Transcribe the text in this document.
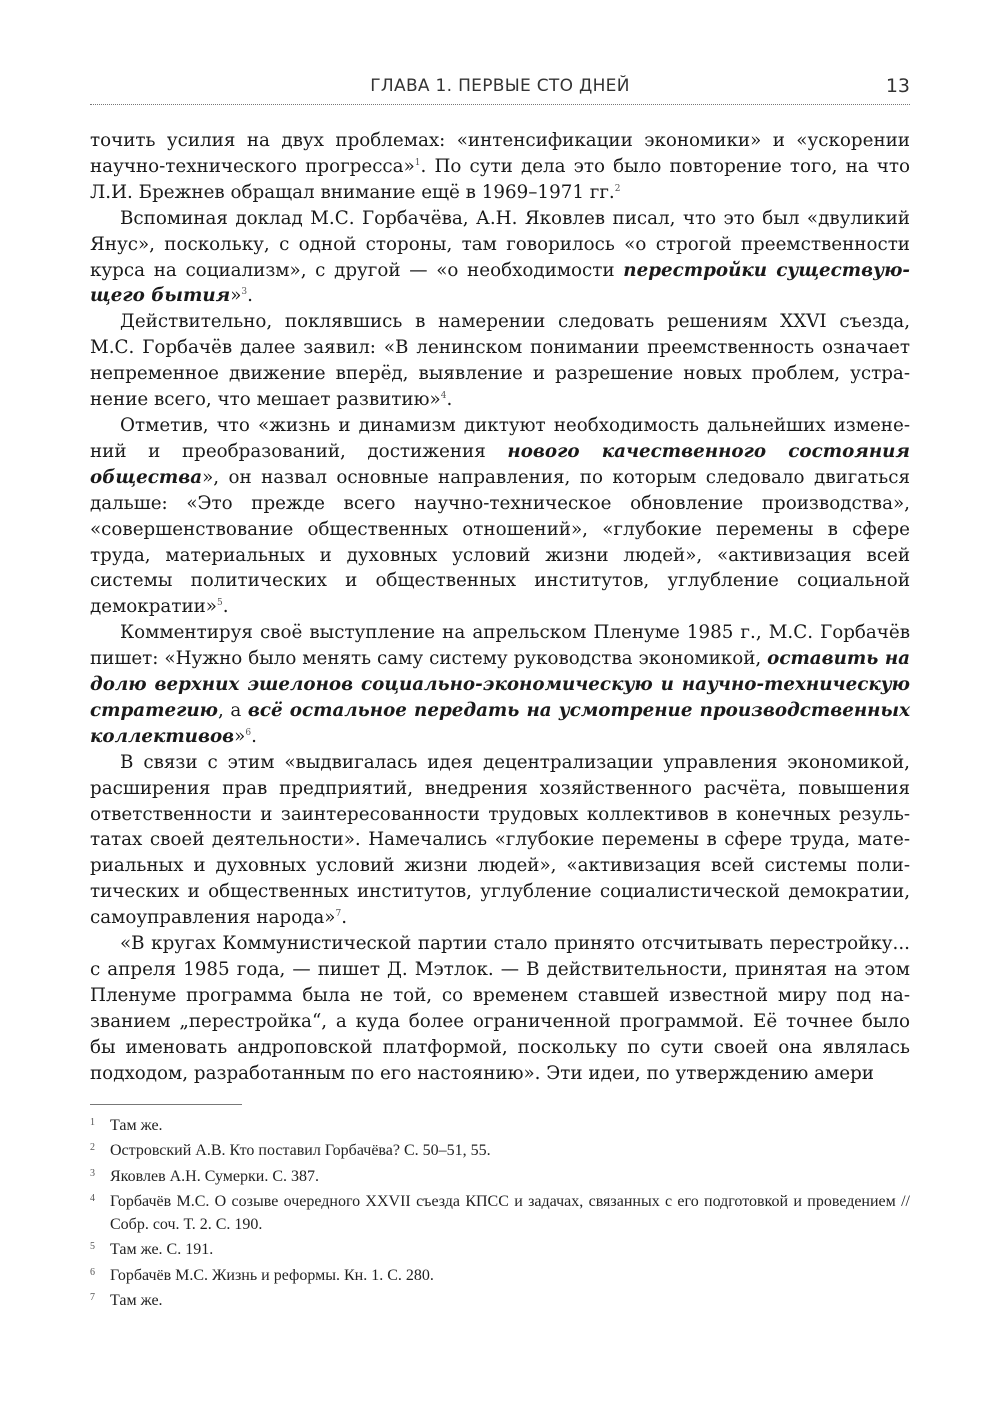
ГЛАВА 1. ПЕРВЫЕ СТО ДНЕЙ	13

точить усилия на двух проблемах: «интенсификации экономики» и «ускорении научно-технического прогресса»$^1$. По сути дела это было повторение того, на что Л.И. Брежнев обращал внимание ещё в 1969–1971 гг.$^2$

Вспоминая доклад М.С. Горбачёва, А.Н. Яковлев писал, что это был «двуликий Янус», поскольку, с одной стороны, там говорилось «о строгой преемственности курса на социализм», с другой — «о необходимости перестройки существующего бытия»$^3$.

Действительно, поклявшись в намерении следовать решениям XXVI съезда, М.С. Горбачёв далее заявил: «В ленинском понимании преемственность означает непременное движение вперёд, выявление и разрешение новых проблем, устранение всего, что мешает развитию»$^4$.

Отметив, что «жизнь и динамизм диктуют необходимость дальнейших изменений и преобразований, достижения нового качественного состояния общества», он назвал основные направления, по которым следовало двигаться дальше: «Это прежде всего научно-техническое обновление производства», «совершенствование общественных отношений», «глубокие перемены в сфере труда, материальных и духовных условий жизни людей», «активизация всей системы политических и общественных институтов, углубление социальной демократии»$^5$.

Комментируя своё выступление на апрельском Пленуме 1985 г., М.С. Горбачёв пишет: «Нужно было менять саму систему руководства экономикой, остaвить на долю верхних эшелонов социально-экономическую и научно-техническую стратегию, а всё остальное передать на усмотрение производственных коллективов»$^6$.

В связи с этим «выдвигалась идея децентрализации управления экономикой, расширения прав предприятий, внедрения хозяйственного расчёта, повышения ответственности и заинтересованности трудовых коллективов в конечных результатах своей деятельности». Намечались «глубокие перемены в сфере труда, материальных и духовных условий жизни людей», «активизация всей системы политических и общественных институтов, углубление социалистической демократии, самоуправления народа»$^7$.

«В кругах Коммунистической партии стало принято отсчитывать перестройку... с апреля 1985 года, — пишет Д. Мэтлок. — В действительности, принятая на этом Пленуме программа была не той, со временем ставшей известной миру под названием „перестройка“, а куда более ограниченной программой. Её точнее было бы именовать андроповской платформой, поскольку по сути своей она являлась подходом, разработанным по его настоянию». Эти идеи, по утверждению амери

1 Там же.
2 Островский А.В. Кто поставил Горбачёва? С. 50–51, 55.
3 Яковлев А.Н. Сумерки. С. 387.
4 Горбачёв М.С. О созыве очередного XXVII съезда КПСС и задачах, связанных с его подготовкой и проведением // Собр. соч. Т. 2. С. 190.
5 Там же. С. 191.
6 Горбачёв М.С. Жизнь и реформы. Кн. 1. С. 280.
7 Там же.
